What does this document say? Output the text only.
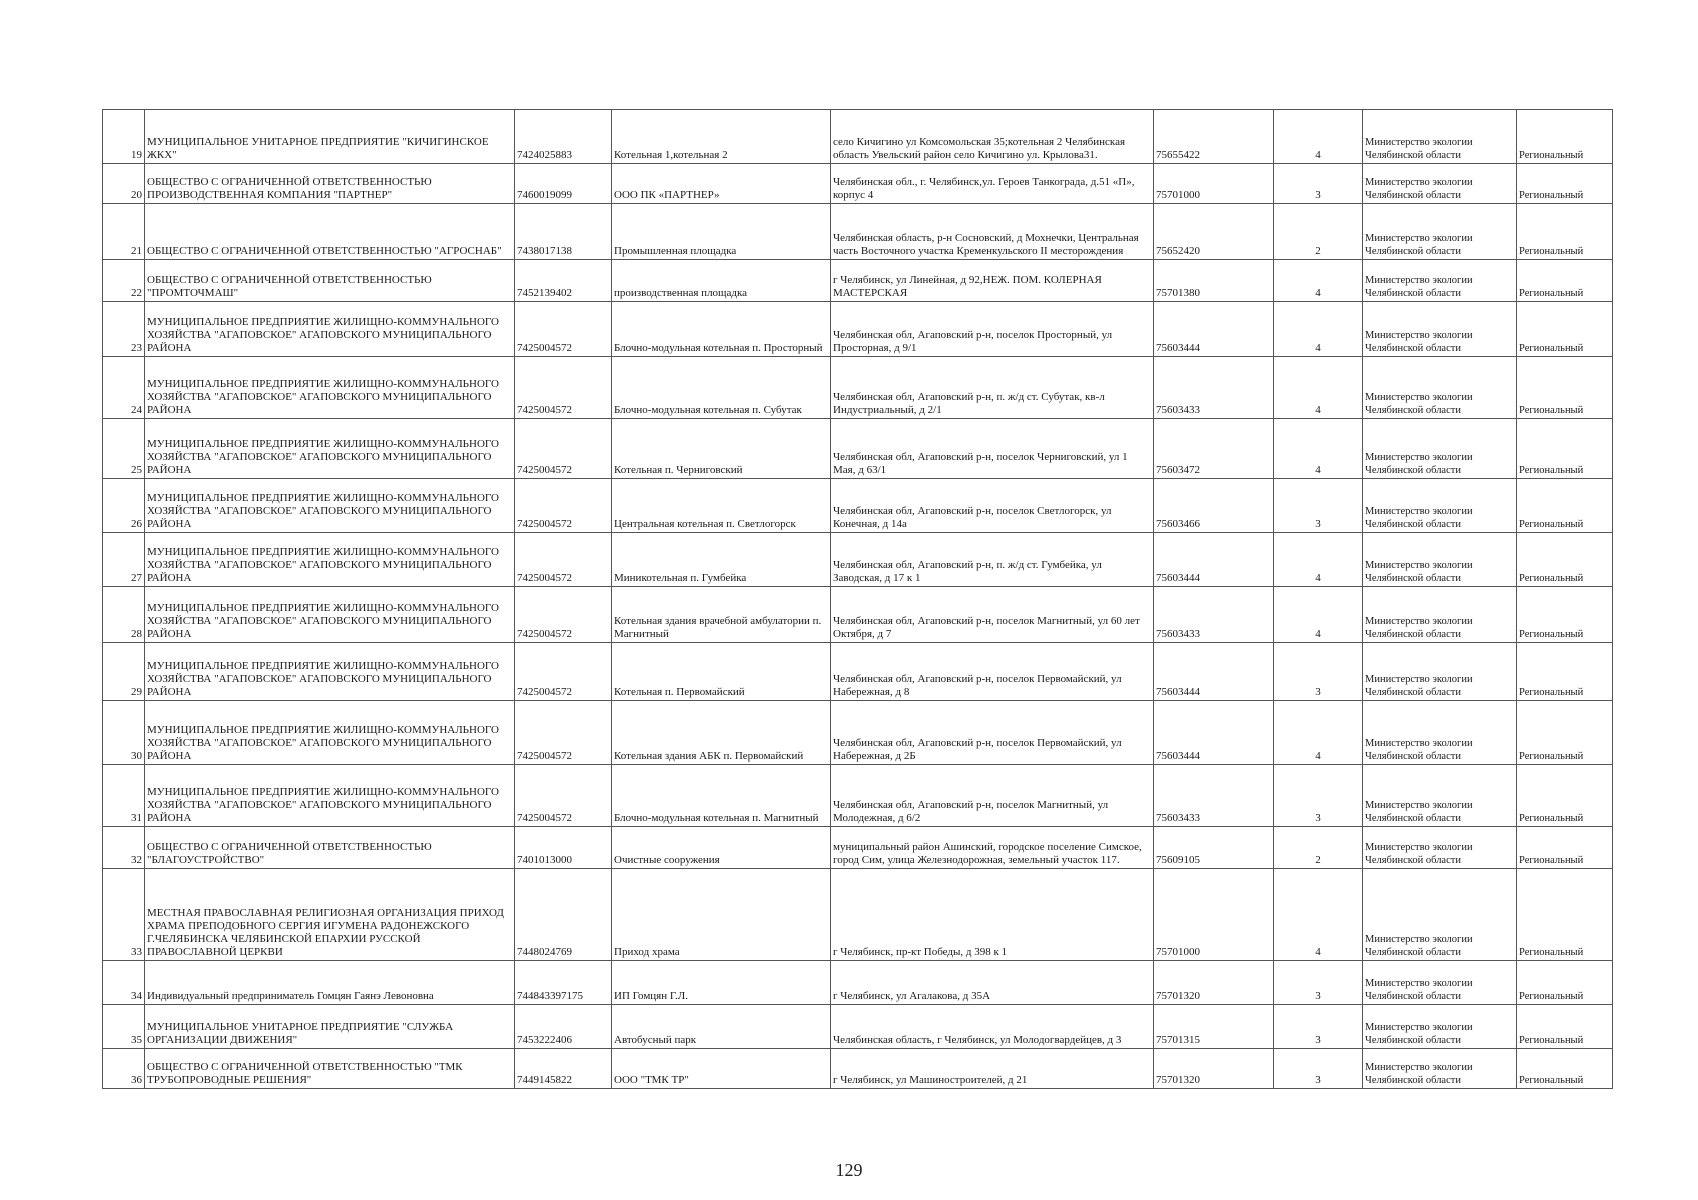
19	МУНИЦИПАЛЬНОЕ УНИТАРНОЕ ПРЕДПРИЯТИЕ "КИЧИГИНСКОЕ ЖКХ"	7424025883	Котельная 1,котельная 2	село Кичигино ул Комсомольская 35;котельная 2 Челябинская область Увельский район село Кичигино ул. Крылова31.	75655422	4	Министерство экологии Челябинской области	Региональный
20	ОБЩЕСТВО С ОГРАНИЧЕННОЙ ОТВЕТСТВЕННОСТЬЮ ПРОИЗВОДСТВЕННАЯ КОМПАНИЯ "ПАРТНЕР"	7460019099	ООО ПК «ПАРТНЕР»	Челябинская обл., г. Челябинск,ул. Героев Танкограда, д.51 «П», корпус 4	75701000	3	Министерство экологии Челябинской области	Региональный
21	ОБЩЕСТВО С ОГРАНИЧЕННОЙ ОТВЕТСТВЕННОСТЬЮ "АГРОСНАБ"	7438017138	Промышленная площадка	Челябинская область, р-н Сосновский, д Мохнечки, Центральная часть Восточного участка Кременкульского II месторождения	75652420	2	Министерство экологии Челябинской области	Региональный
22	ОБЩЕСТВО С ОГРАНИЧЕННОЙ ОТВЕТСТВЕННОСТЬЮ "ПРОМТОЧМАШ"	7452139402	производственная площадка	г Челябинск, ул Линейная, д 92,НЕЖ. ПОМ. КОЛЕРНАЯ МАСТЕРСКАЯ	75701380	4	Министерство экологии Челябинской области	Региональный
23	МУНИЦИПАЛЬНОЕ ПРЕДПРИЯТИЕ ЖИЛИЩНО-КОММУНАЛЬНОГО ХОЗЯЙСТВА "АГАПОВСКОЕ" АГАПОВСКОГО МУНИЦИПАЛЬНОГО РАЙОНА	7425004572	Блочно-модульная котельная п. Просторный	Челябинская обл, Агаповский р-н, поселок Просторный, ул Просторная, д 9/1	75603444	4	Министерство экологии Челябинской области	Региональный
24	МУНИЦИПАЛЬНОЕ ПРЕДПРИЯТИЕ ЖИЛИЩНО-КОММУНАЛЬНОГО ХОЗЯЙСТВА "АГАПОВСКОЕ" АГАПОВСКОГО МУНИЦИПАЛЬНОГО РАЙОНА	7425004572	Блочно-модульная котельная п. Субутак	Челябинская обл, Агаповский р-н, п. ж/д ст. Субутак, кв-л Индустриальный, д 2/1	75603433	4	Министерство экологии Челябинской области	Региональный
25	МУНИЦИПАЛЬНОЕ ПРЕДПРИЯТИЕ ЖИЛИЩНО-КОММУНАЛЬНОГО ХОЗЯЙСТВА "АГАПОВСКОЕ" АГАПОВСКОГО МУНИЦИПАЛЬНОГО РАЙОНА	7425004572	Котельная п. Черниговский	Челябинская обл, Агаповский р-н, поселок Черниговский, ул 1 Мая, д 63/1	75603472	4	Министерство экологии Челябинской области	Региональный
26	МУНИЦИПАЛЬНОЕ ПРЕДПРИЯТИЕ ЖИЛИЩНО-КОММУНАЛЬНОГО ХОЗЯЙСТВА "АГАПОВСКОЕ" АГАПОВСКОГО МУНИЦИПАЛЬНОГО РАЙОНА	7425004572	Центральная котельная п. Светлогорск	Челябинская обл, Агаповский р-н, поселок Светлогорск, ул Конечная, д 14а	75603466	3	Министерство экологии Челябинской области	Региональный
27	МУНИЦИПАЛЬНОЕ ПРЕДПРИЯТИЕ ЖИЛИЩНО-КОММУНАЛЬНОГО ХОЗЯЙСТВА "АГАПОВСКОЕ" АГАПОВСКОГО МУНИЦИПАЛЬНОГО РАЙОНА	7425004572	Миникотельная п. Гумбейка	Челябинская обл, Агаповский р-н, п. ж/д ст. Гумбейка, ул Заводская, д 17 к 1	75603444	4	Министерство экологии Челябинской области	Региональный
28	МУНИЦИПАЛЬНОЕ ПРЕДПРИЯТИЕ ЖИЛИЩНО-КОММУНАЛЬНОГО ХОЗЯЙСТВА "АГАПОВСКОЕ" АГАПОВСКОГО МУНИЦИПАЛЬНОГО РАЙОНА	7425004572	Котельная здания врачебной амбулатории п. Магнитный	Челябинская обл, Агаповский р-н, поселок Магнитный, ул 60 лет Октября, д 7	75603433	4	Министерство экологии Челябинской области	Региональный
29	МУНИЦИПАЛЬНОЕ ПРЕДПРИЯТИЕ ЖИЛИЩНО-КОММУНАЛЬНОГО ХОЗЯЙСТВА "АГАПОВСКОЕ" АГАПОВСКОГО МУНИЦИПАЛЬНОГО РАЙОНА	7425004572	Котельная п. Первомайский	Челябинская обл, Агаповский р-н, поселок Первомайский, ул Набережная, д 8	75603444	3	Министерство экологии Челябинской области	Региональный
30	МУНИЦИПАЛЬНОЕ ПРЕДПРИЯТИЕ ЖИЛИЩНО-КОММУНАЛЬНОГО ХОЗЯЙСТВА "АГАПОВСКОЕ" АГАПОВСКОГО МУНИЦИПАЛЬНОГО РАЙОНА	7425004572	Котельная здания АБК п. Первомайский	Челябинская обл, Агаповский р-н, поселок Первомайский, ул Набережная, д 2Б	75603444	4	Министерство экологии Челябинской области	Региональный
31	МУНИЦИПАЛЬНОЕ ПРЕДПРИЯТИЕ ЖИЛИЩНО-КОММУНАЛЬНОГО ХОЗЯЙСТВА "АГАПОВСКОЕ" АГАПОВСКОГО МУНИЦИПАЛЬНОГО РАЙОНА	7425004572	Блочно-модульная котельная п. Магнитный	Челябинская обл, Агаповский р-н, поселок Магнитный, ул Молодежная, д 6/2	75603433	3	Министерство экологии Челябинской области	Региональный
32	ОБЩЕСТВО С ОГРАНИЧЕННОЙ ОТВЕТСТВЕННОСТЬЮ "БЛАГОУСТРОЙСТВО"	7401013000	Очистные сооружения	муниципальный район Ашинский, городское поселение Симское, город Сим, улица Железнодорожная, земельный участок 117.	75609105	2	Министерство экологии Челябинской области	Региональный
33	МЕСТНАЯ ПРАВОСЛАВНАЯ РЕЛИГИОЗНАЯ ОРГАНИЗАЦИЯ ПРИХОД ХРАМА ПРЕПОДОБНОГО СЕРГИЯ ИГУМЕНА РАДОНЕЖСКОГО Г.ЧЕЛЯБИНСКА ЧЕЛЯБИНСКОЙ ЕПАРХИИ РУССКОЙ ПРАВОСЛАВНОЙ ЦЕРКВИ	7448024769	Приход храма	г Челябинск, пр-кт Победы, д 398 к 1	75701000	4	Министерство экологии Челябинской области	Региональный
34	Индивидуальный предприниматель Гомцян Гаянэ Левоновна	744843397175	ИП Гомцян Г.Л.	г Челябинск, ул Агалакова, д 35А	75701320	3	Министерство экологии Челябинской области	Региональный
35	МУНИЦИПАЛЬНОЕ УНИТАРНОЕ ПРЕДПРИЯТИЕ "СЛУЖБА ОРГАНИЗАЦИИ ДВИЖЕНИЯ"	7453222406	Автобусный парк	Челябинская область, г Челябинск, ул Молодогвардейцев, д 3	75701315	3	Министерство экологии Челябинской области	Региональный
36	ОБЩЕСТВО С ОГРАНИЧЕННОЙ ОТВЕТСТВЕННОСТЬЮ "ТМК ТРУБОПРОВОДНЫЕ РЕШЕНИЯ"	7449145822	ООО "ТМК ТР"	г Челябинск, ул Машиностроителей, д 21	75701320	3	Министерство экологии Челябинской области	Региональный
129
